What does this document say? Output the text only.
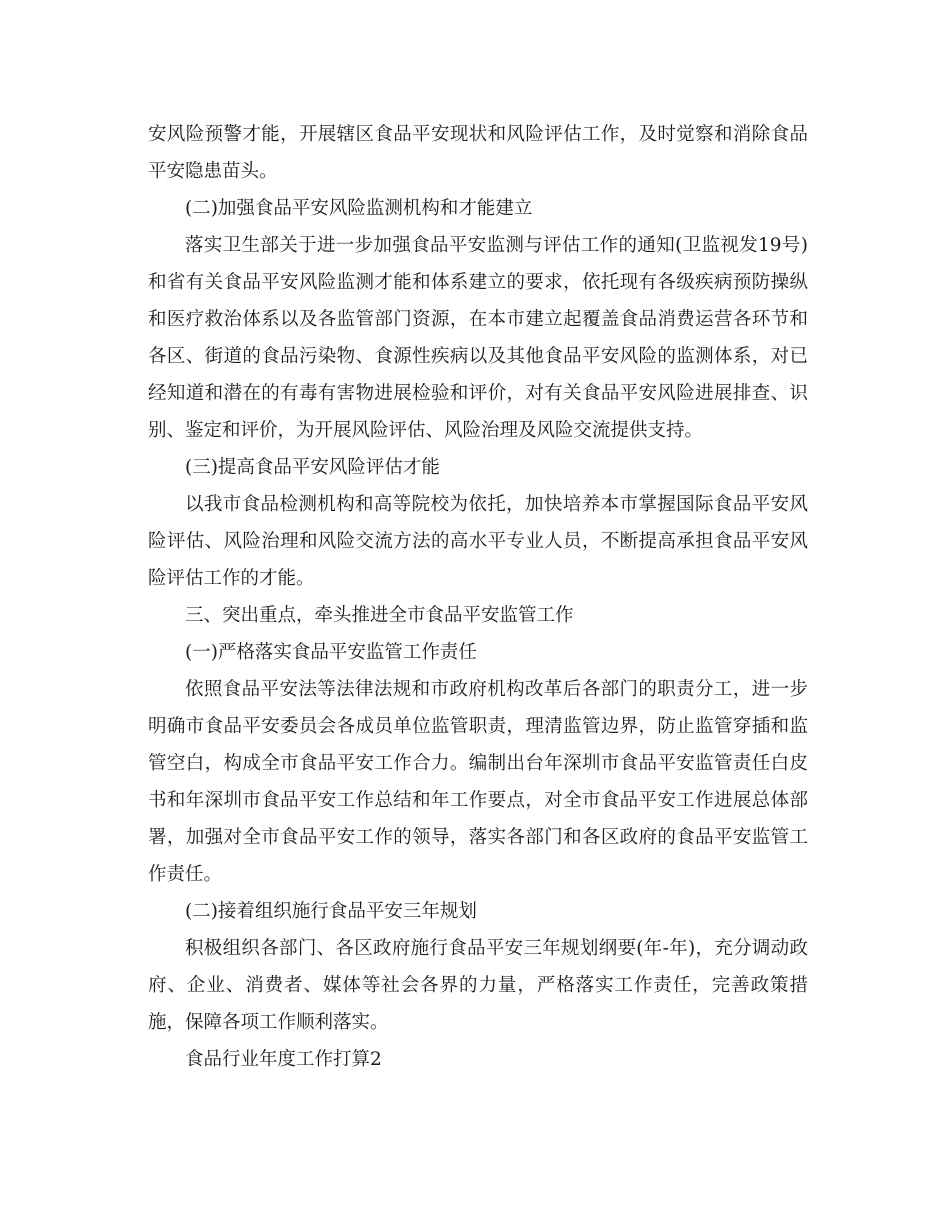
安风险预警才能，开展辖区食品平安现状和风险评估工作，及时觉察和消除食品平安隐患苗头。

(二)加强食品平安风险监测机构和才能建立

落实卫生部关于进一步加强食品平安监测与评估工作的通知(卫监视发19号)和省有关食品平安风险监测才能和体系建立的要求，依托现有各级疾病预防操纵和医疗救治体系以及各监管部门资源，在本市建立起覆盖食品消费运营各环节和各区、街道的食品污染物、食源性疾病以及其他食品平安风险的监测体系，对已经知道和潜在的有毒有害物进展检验和评价，对有关食品平安风险进展排查、识别、鉴定和评价，为开展风险评估、风险治理及风险交流提供支持。

(三)提高食品平安风险评估才能

以我市食品检测机构和高等院校为依托，加快培养本市掌握国际食品平安风险评估、风险治理和风险交流方法的高水平专业人员，不断提高承担食品平安风险评估工作的才能。

三、突出重点，牵头推进全市食品平安监管工作

(一)严格落实食品平安监管工作责任

依照食品平安法等法律法规和市政府机构改革后各部门的职责分工，进一步明确市食品平安委员会各成员单位监管职责，理清监管边界，防止监管穿插和监管空白，构成全市食品平安工作合力。编制出台年深圳市食品平安监管责任白皮书和年深圳市食品平安工作总结和年工作要点，对全市食品平安工作进展总体部署，加强对全市食品平安工作的领导，落实各部门和各区政府的食品平安监管工作责任。

(二)接着组织施行食品平安三年规划

积极组织各部门、各区政府施行食品平安三年规划纲要(年-年)，充分调动政府、企业、消费者、媒体等社会各界的力量，严格落实工作责任，完善政策措施，保障各项工作顺利落实。

食品行业年度工作打算2
